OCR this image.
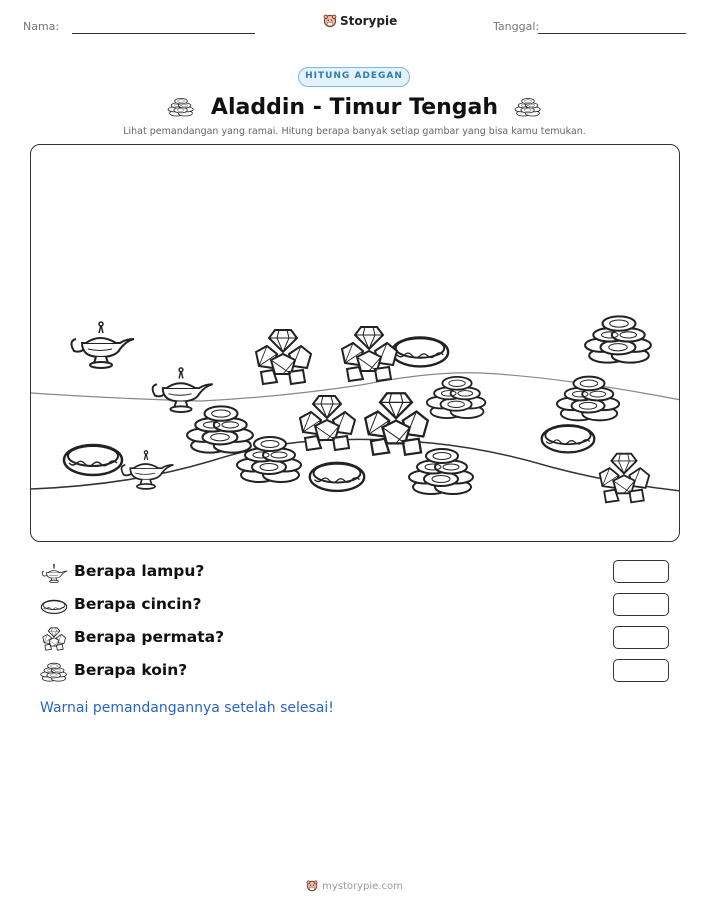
Nama:	Storypie	Tanggal:
HITUNG ADEGAN
Aladdin - Timur Tengah
Lihat pemandangan yang ramai. Hitung berapa banyak setiap gambar yang bisa kamu temukan.
Berapa lampu?
Berapa cincin?
Berapa permata?
Berapa koin?
Warnai pemandangannya setelah selesai!
mystorypie.com
